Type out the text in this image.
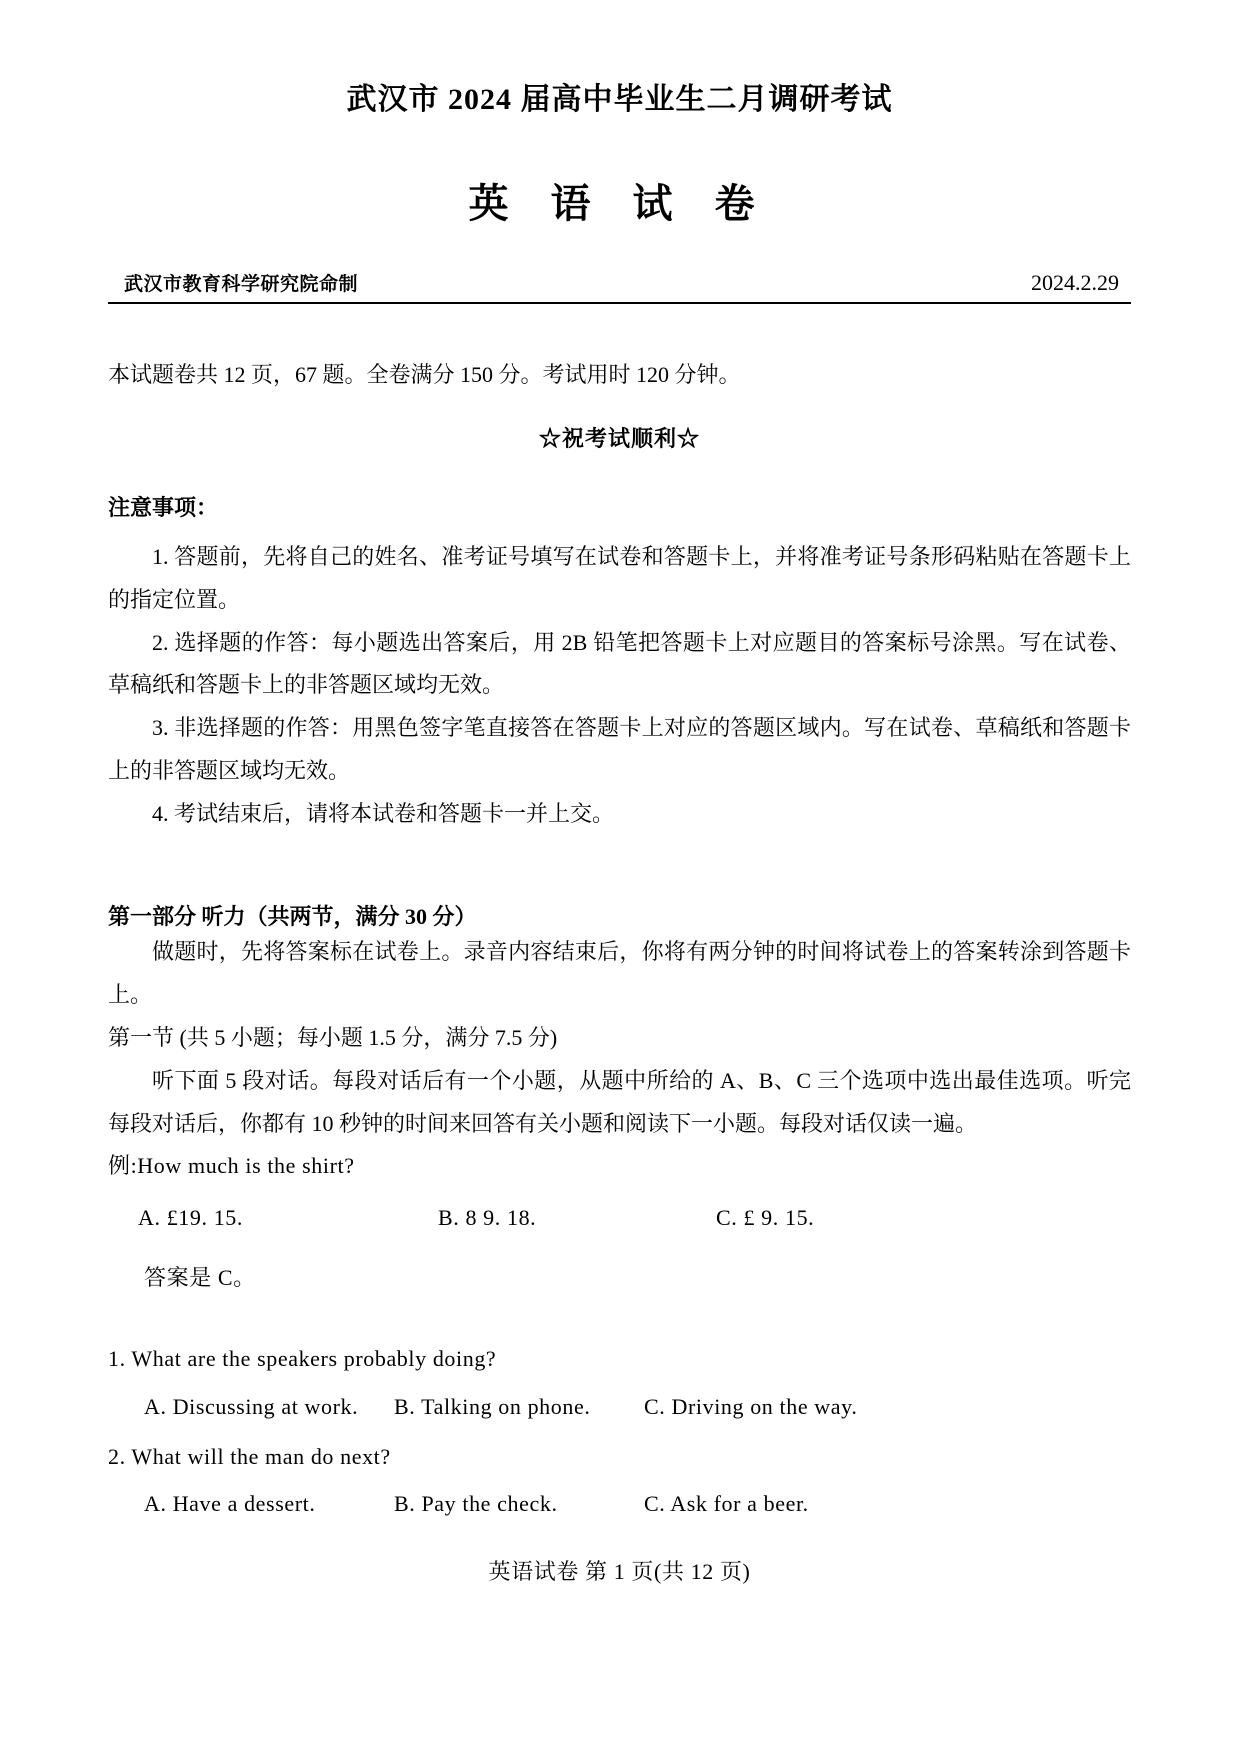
武汉市 2024 届高中毕业生二月调研考试
英 语 试 卷
武汉市教育科学研究院命制	2024.2.29
本试题卷共 12 页，67 题。全卷满分 150 分。考试用时 120 分钟。
☆祝考试顺利☆
注意事项：

1. 答题前，先将自己的姓名、准考证号填写在试卷和答题卡上，并将准考证号条形码粘贴在答题卡上的指定位置。

2. 选择题的作答：每小题选出答案后，用 2B 铅笔把答题卡上对应题目的答案标号涂黑。写在试卷、草稿纸和答题卡上的非答题区域均无效。

3. 非选择题的作答：用黑色签字笔直接答在答题卡上对应的答题区域内。写在试卷、草稿纸和答题卡上的非答题区域均无效。

4. 考试结束后，请将本试卷和答题卡一并上交。

第一部分 听力（共两节，满分 30 分）

做题时，先将答案标在试卷上。录音内容结束后，你将有两分钟的时间将试卷上的答案转涂到答题卡上。

第一节 (共 5 小题；每小题 1.5 分，满分 7.5 分)

听下面 5 段对话。每段对话后有一个小题，从题中所给的 A、B、C 三个选项中选出最佳选项。听完每段对话后，你都有 10 秒钟的时间来回答有关小题和阅读下一小题。每段对话仅读一遍。

例:How much is the shirt?

A. £19. 15.	B. 8 9. 18.	C. £ 9. 15.

答案是 C。

1. What are the speakers probably doing?

A. Discussing at work.	B. Talking on phone.	C. Driving on the way.

2. What will the man do next?

A. Have a dessert.	B. Pay the check.	C. Ask for a beer.
英语试卷 第 1 页(共 12 页)
